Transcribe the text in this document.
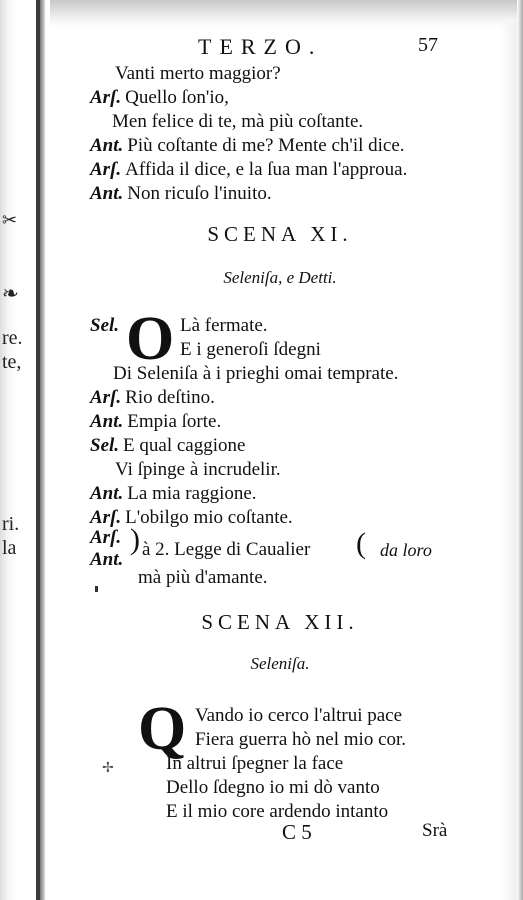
✂
❧
re.
te,
ri.
la
TERZO.	57
Vanti merto maggior?
Arſ. Quello ſon'io,
Men felice di te, mà più coſtante.
Ant. Più coſtante di me? Mente ch'il dice.
Arſ. Affida il dice, e la ſua man l'approua.
Ant. Non ricuſo l'inuito.
SCENA XI.
Seleniſa, e Detti.
Sel. O Là fermate.
E i generoſi ſdegni
Di Seleniſa à i prieghi omai temprate.
Arſ. Rio deſtino.
Ant. Empia ſorte.
Sel. E qual caggione
Vi ſpinge à incrudelir.
Ant. La mia raggione.
Arſ. L'obilgo mio coſtante.
Arſ.
Ant.
) à 2. Legge di Caualier ( da loro
mà più d'amante.
SCENA XII.
Seleniſa.
Q Vando io cerco l'altrui pace
Fiera guerra hò nel mio cor.
In altrui ſpegner la face
Dello ſdegno io mi dò vanto
E il mio core ardendo intanto
✢
C 5	Srà
